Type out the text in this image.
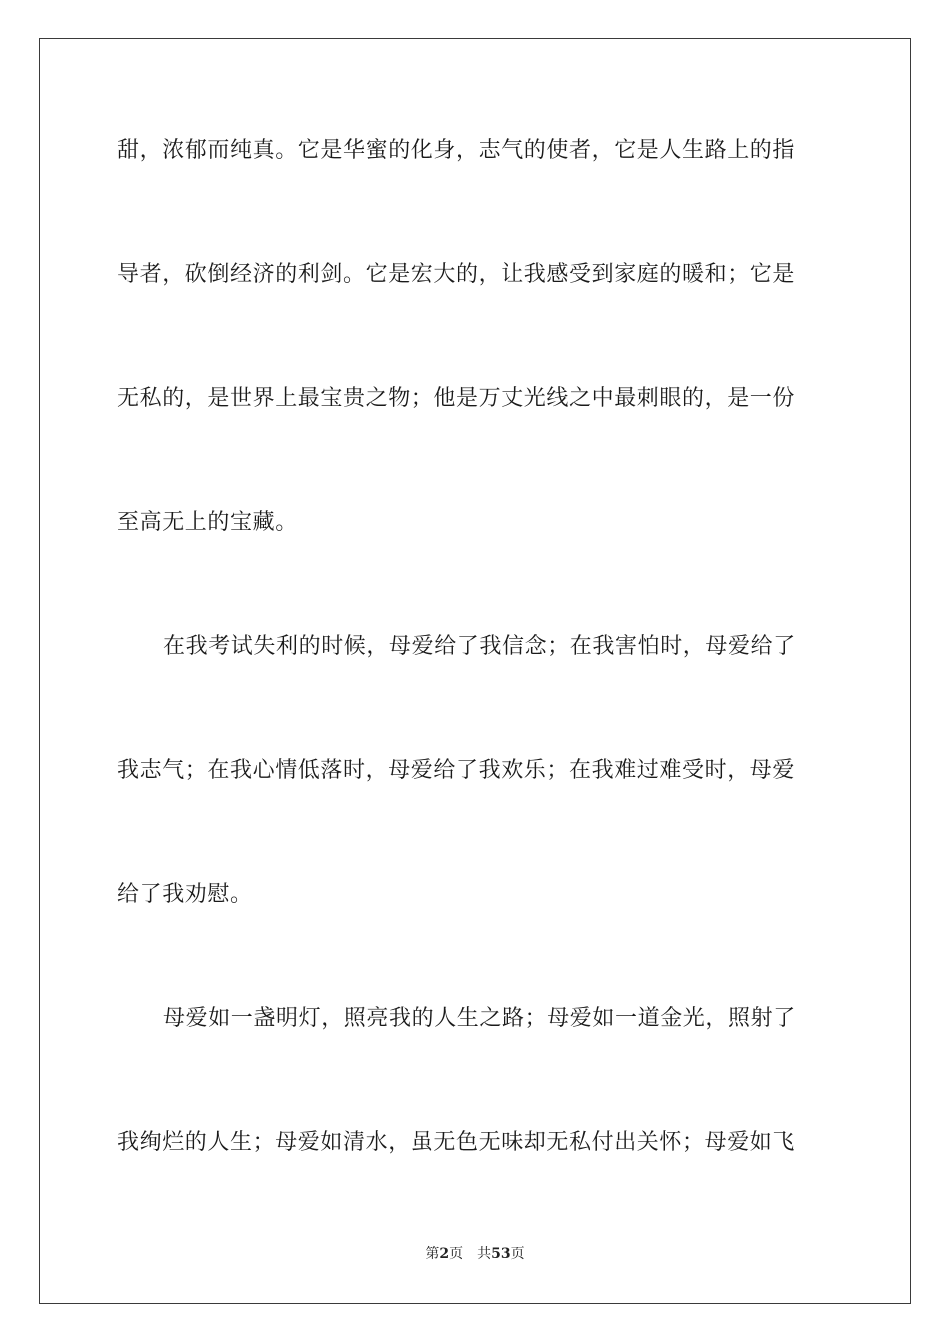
甜，浓郁而纯真。它是华蜜的化身，志气的使者，它是人生路上的指
导者，砍倒经济的利剑。它是宏大的，让我感受到家庭的暖和；它是
无私的，是世界上最宝贵之物；他是万丈光线之中最刺眼的，是一份
至高无上的宝藏。
在我考试失利的时候，母爱给了我信念；在我害怕时，母爱给了
我志气；在我心情低落时，母爱给了我欢乐；在我难过难受时，母爱
给了我劝慰。
母爱如一盏明灯，照亮我的人生之路；母爱如一道金光，照射了
我绚烂的人生；母爱如清水，虽无色无味却无私付出关怀；母爱如飞
第2页 共53页
